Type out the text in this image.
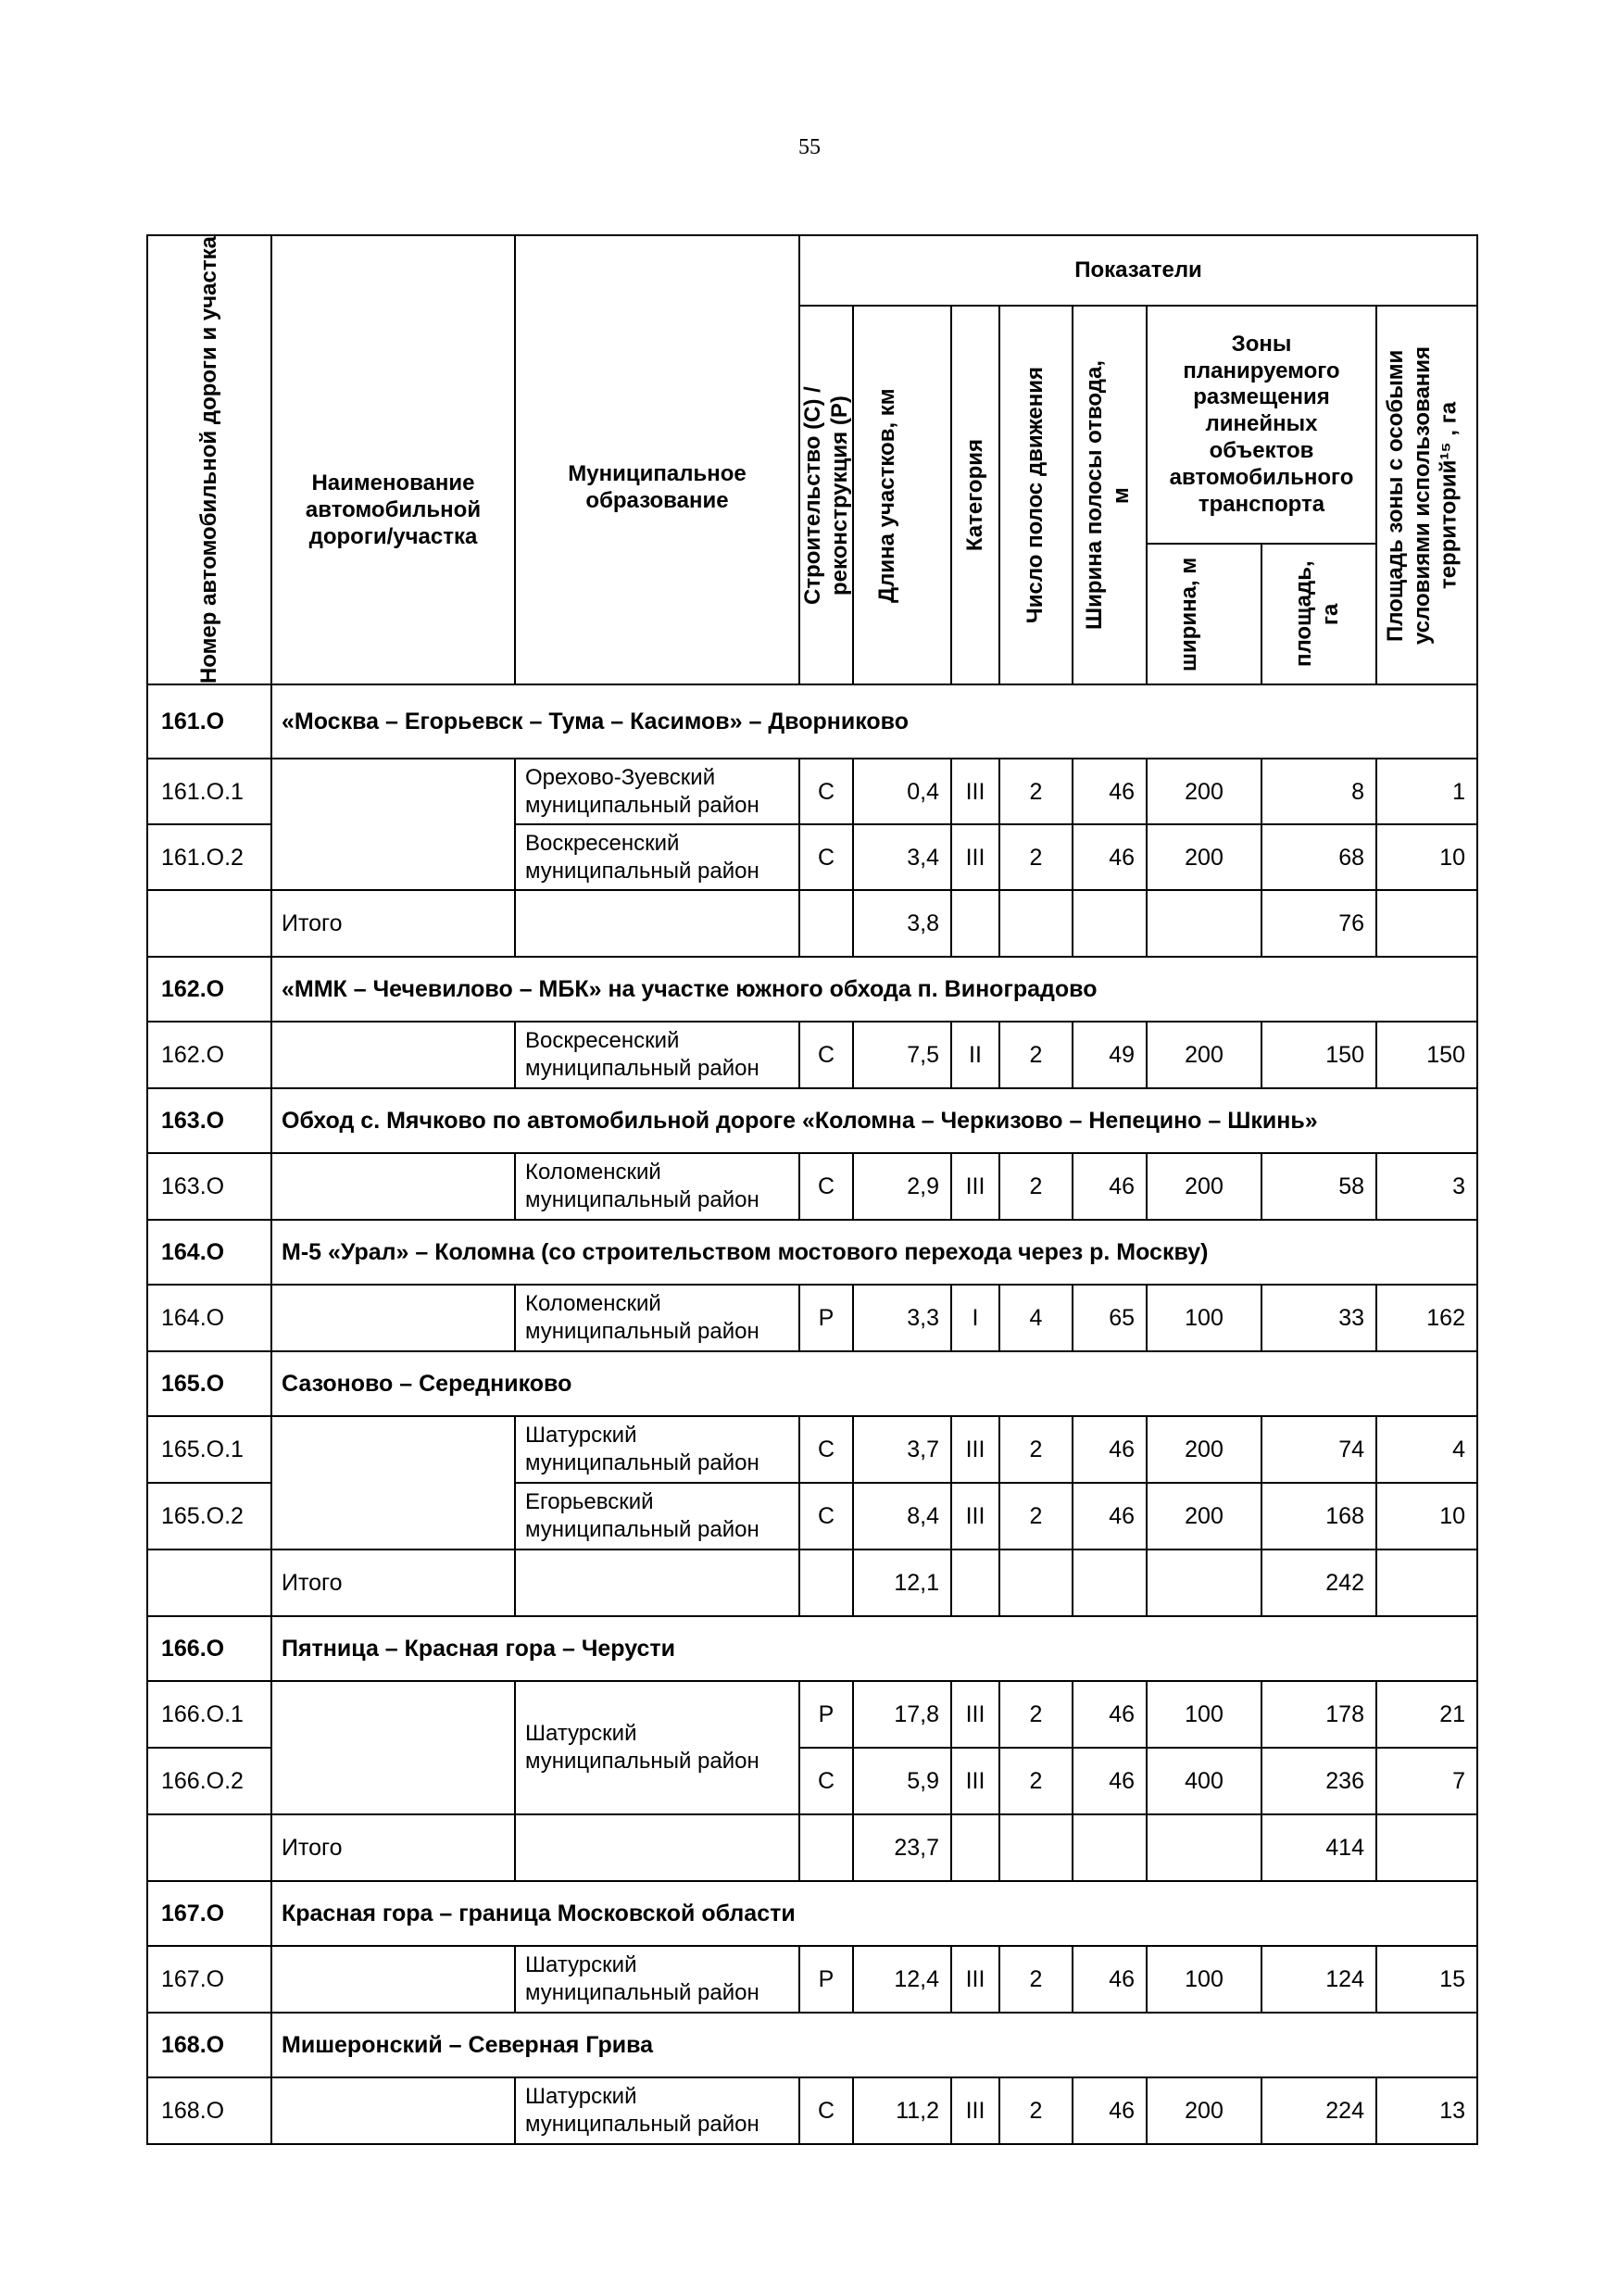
55
Номер автомобильной дороги и участка	Наименование автомобильной дороги/участка	Муниципальное образование	Показатели							

			Строительство (С) / реконструкция (Р)	Длина участков, км	Категория	Число полос движения	Ширина полосы отвода, м	Зоны планируемого размещения линейных объектов автомобильного транспорта		Площадь зоны с особыми условиями использования территорий¹⁵ , га

								ширина, м	площадь, га	

161.О	«Москва – Егорьевск – Тума – Касимов» – Дворниково									
161.О.1		Орехово-Зуевский муниципальный район	С	0,4	III	2	46	200	8	1
161.О.2		Воскресенский муниципальный район	С	3,4	III	2	46	200	68	10
	Итого			3,8					76	
162.О	«ММК – Чечевилово – МБК» на участке южного обхода п. Виноградово									
162.О		Воскресенский муниципальный район	С	7,5	II	2	49	200	150	150
163.О	Обход с. Мячково по автомобильной дороге «Коломна – Черкизово – Непецино – Шкинь»									
163.О		Коломенский муниципальный район	С	2,9	III	2	46	200	58	3
164.О	М-5 «Урал» – Коломна (со строительством мостового перехода через р. Москву)									
164.О		Коломенский муниципальный район	Р	3,3	I	4	65	100	33	162
165.О	Сазоново – Середниково									
165.О.1		Шатурский муниципальный район	С	3,7	III	2	46	200	74	4
165.О.2		Егорьевский муниципальный район	С	8,4	III	2	46	200	168	10
	Итого			12,1					242	
166.О	Пятница – Красная гора – Черусти									
166.О.1		Шатурский муниципальный район	Р	17,8	III	2	46	100	178	21
166.О.2			С	5,9	III	2	46	400	236	7
	Итого			23,7					414	
167.О	Красная гора – граница Московской области									
167.О		Шатурский муниципальный район	Р	12,4	III	2	46	100	124	15
168.О	Мишеронский – Северная Грива									
168.О		Шатурский муниципальный район	С	11,2	III	2	46	200	224	13
